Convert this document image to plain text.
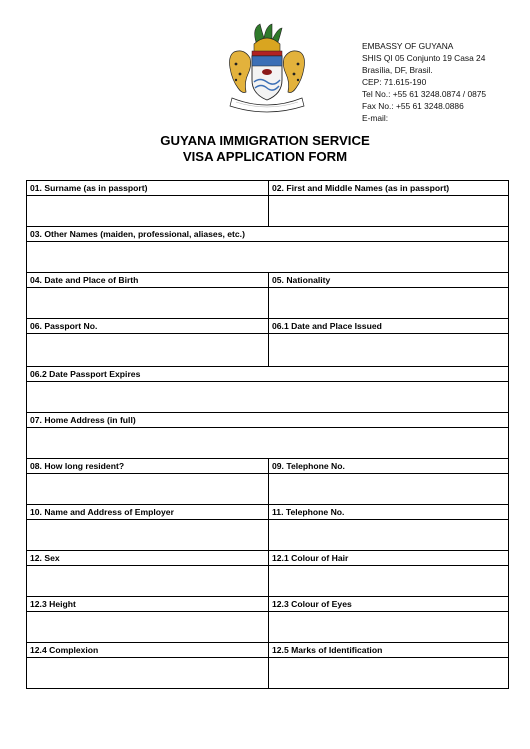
EMBASSY OF GUYANA
SHIS QI 05 Conjunto 19 Casa 24
Brasília, DF, Brasil.
CEP: 71.615-190
Tel No.: +55 61 3248.0874 / 0875
Fax No.: +55 61 3248.0886
E-mail:
GUYANA IMMIGRATION SERVICE
VISA APPLICATION FORM
01. Surname (as in passport)	02. First and Middle Names (as in passport)

03. Other Names (maiden, professional, aliases, etc.)	

04. Date and Place of Birth	05. Nationality

06. Passport No.	06.1 Date and Place Issued

06.2 Date Passport Expires	

07. Home Address (in full)	

08. How long resident?	09. Telephone No.

10. Name and Address of Employer	11. Telephone No.

12. Sex	12.1 Colour of Hair

12.3 Height	12.3 Colour of Eyes

12.4 Complexion	12.5 Marks of Identification
